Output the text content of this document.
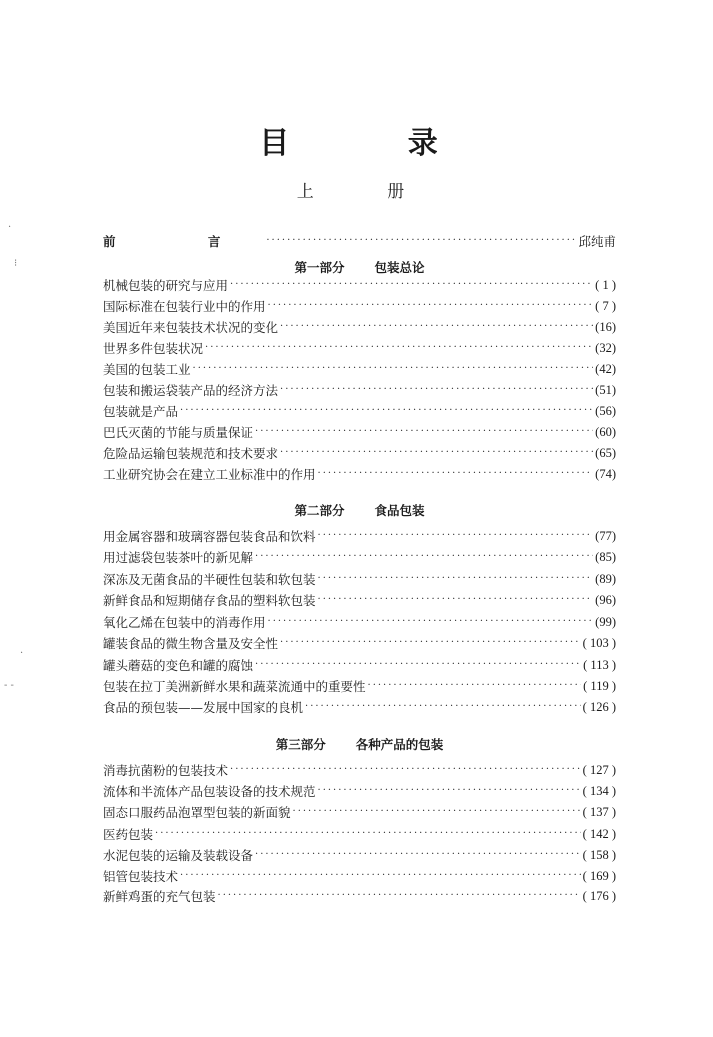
目 录
上 册
前 言 ·····	邱纯甫
第一部分 包装总论
机械包装的研究与应用 ·····	( 1 )
国际标准在包装行业中的作用 ·····	( 7 )
美国近年来包装技术状况的变化 ·····	(16)
世界多件包装状况 ·····	(32)
美国的包装工业 ·····	(42)
包装和搬运袋装产品的经济方法 ·····	(51)
包装就是产品 ·····	(56)
巴氏灭菌的节能与质量保证 ·····	(60)
危险品运输包装规范和技术要求 ·····	(65)
工业研究协会在建立工业标准中的作用 ·····	(74)
第二部分 食品包装
用金属容器和玻璃容器包装食品和饮料 ·····	(77)
用过滤袋包装茶叶的新见解 ·····	(85)
深冻及无菌食品的半硬性包装和软包装 ·····	(89)
新鲜食品和短期储存食品的塑料软包装 ·····	(96)
氧化乙烯在包装中的消毒作用 ·····	(99)
罐装食品的微生物含量及安全性 ·····	( 103 )
罐头蘑菇的变色和罐的腐蚀 ·····	( 113 )
包装在拉丁美洲新鲜水果和蔬菜流通中的重要性 ·····	( 119 )
食品的预包装——发展中国家的良机 ·····	( 126 )
第三部分 各种产品的包装
消毒抗菌粉的包装技术 ·····	( 127 )
流体和半流体产品包装设备的技术规范 ·····	( 134 )
固态口服药品泡罩型包装的新面貌 ·····	( 137 )
医药包装 ·····	( 142 )
水泥包装的运输及装载设备 ·····	( 158 )
铝管包装技术 ·····	( 169 )
新鲜鸡蛋的充气包装 ·····	( 176 )
·
⁝
·
- -
